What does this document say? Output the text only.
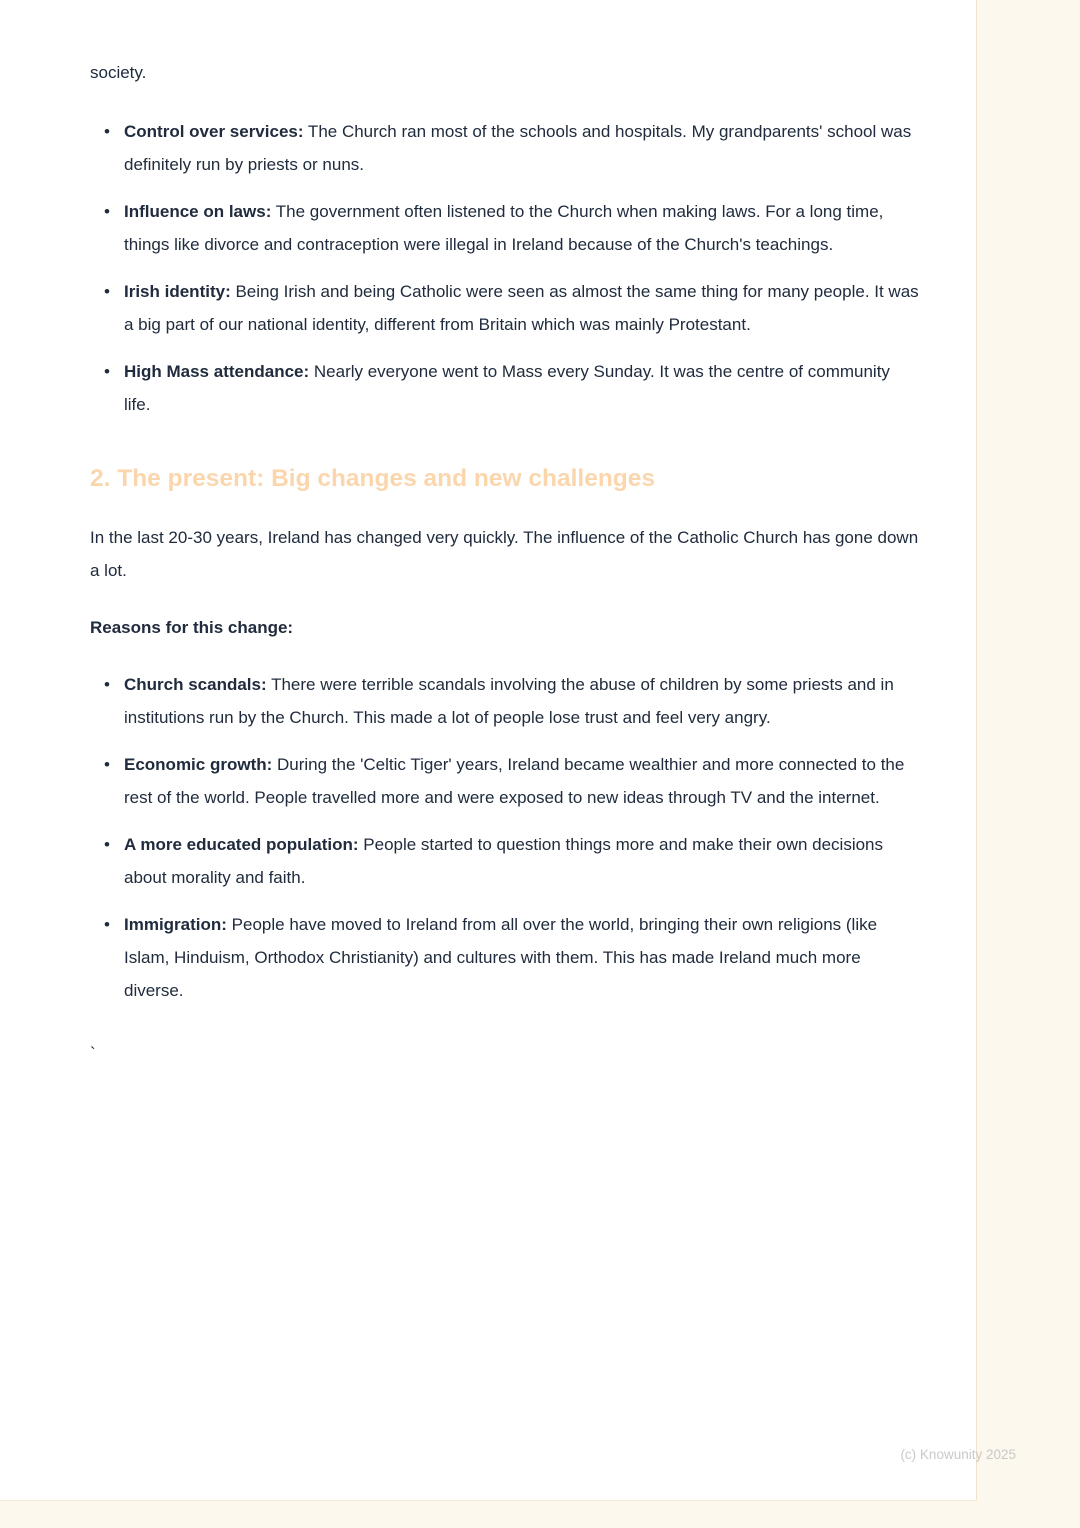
society.

• Control over services: The Church ran most of the schools and hospitals. My grandparents' school was definitely run by priests or nuns.
• Influence on laws: The government often listened to the Church when making laws. For a long time, things like divorce and contraception were illegal in Ireland because of the Church's teachings.
• Irish identity: Being Irish and being Catholic were seen as almost the same thing for many people. It was a big part of our national identity, different from Britain which was mainly Protestant.
• High Mass attendance: Nearly everyone went to Mass every Sunday. It was the centre of community life.
2. The present: Big changes and new challenges

In the last 20-30 years, Ireland has changed very quickly. The influence of the Catholic Church has gone down a lot.

Reasons for this change:

• Church scandals: There were terrible scandals involving the abuse of children by some priests and in institutions run by the Church. This made a lot of people lose trust and feel very angry.
• Economic growth: During the 'Celtic Tiger' years, Ireland became wealthier and more connected to the rest of the world. People travelled more and were exposed to new ideas through TV and the internet.
• A more educated population: People started to question things more and make their own decisions about morality and faith.
• Immigration: People have moved to Ireland from all over the world, bringing their own religions (like Islam, Hinduism, Orthodox Christianity) and cultures with them. This has made Ireland much more diverse.

`

(c) Knowunity 2025
